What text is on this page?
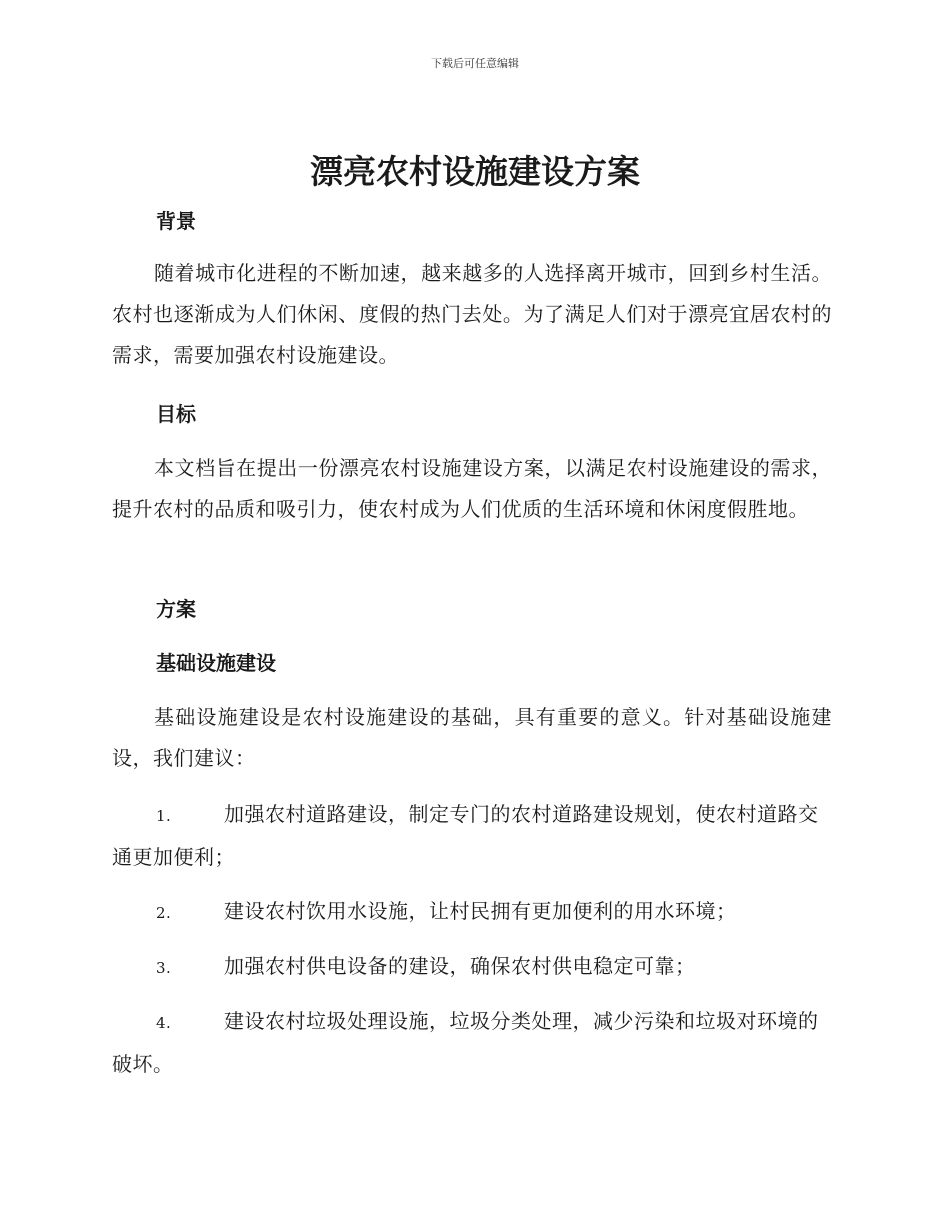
下载后可任意编辑
漂亮农村设施建设方案
背景

随着城市化进程的不断加速，越来越多的人选择离开城市，回到乡村生活。农村也逐渐成为人们休闲、度假的热门去处。为了满足人们对于漂亮宜居农村的需求，需要加强农村设施建设。

目标

本文档旨在提出一份漂亮农村设施建设方案，以满足农村设施建设的需求，提升农村的品质和吸引力，使农村成为人们优质的生活环境和休闲度假胜地。

方案
基础设施建设

基础设施建设是农村设施建设的基础，具有重要的意义。针对基础设施建设，我们建议：

1.	加强农村道路建设，制定专门的农村道路建设规划，使农村道路交通更加便利；

2.	建设农村饮用水设施，让村民拥有更加便利的用水环境；

3.	加强农村供电设备的建设，确保农村供电稳定可靠；

4.	建设农村垃圾处理设施，垃圾分类处理，减少污染和垃圾对环境的破坏。
